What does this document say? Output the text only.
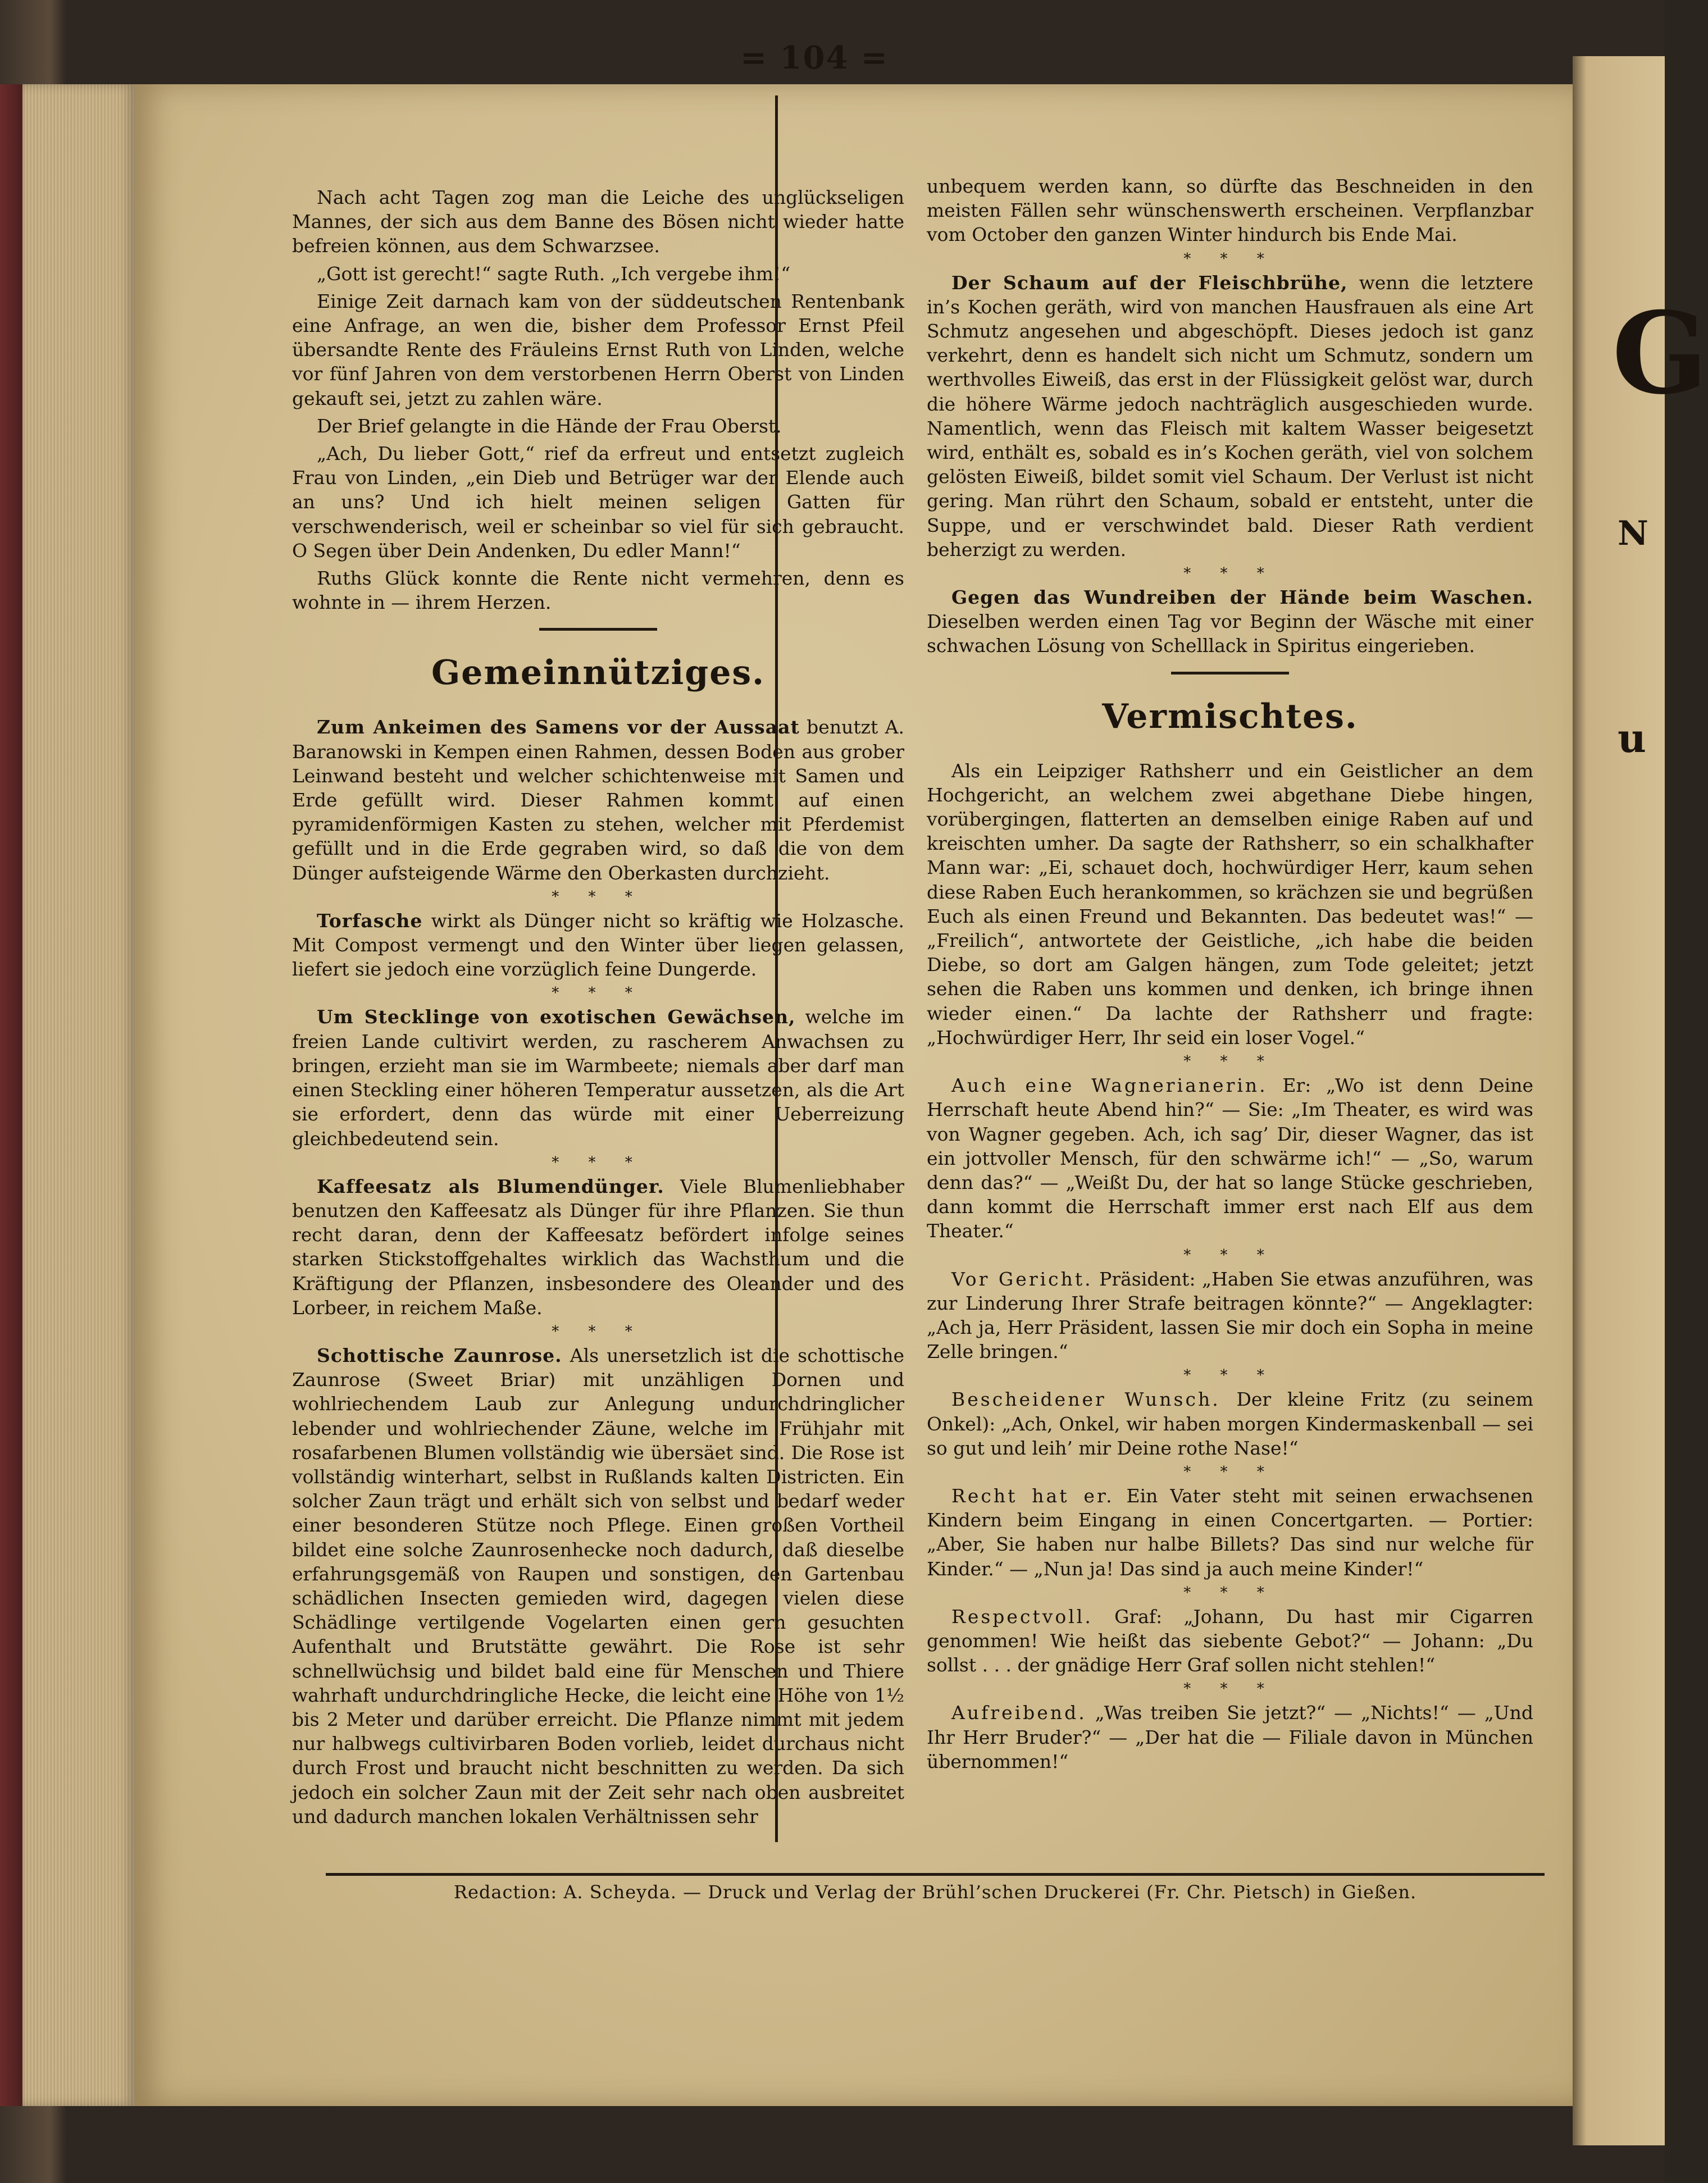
G
N
u
= 104 =

Nach acht Tagen zog man die Leiche des unglückseligen Mannes, der sich aus dem Banne des Bösen nicht wieder hatte befreien können, aus dem Schwarzsee.

„Gott ist gerecht!“ sagte Ruth. „Ich vergebe ihm!“

Einige Zeit darnach kam von der süddeutschen Rentenbank eine Anfrage, an wen die, bisher dem Professor Ernst Pfeil übersandte Rente des Fräuleins Ernst Ruth von Linden, welche vor fünf Jahren von dem verstorbenen Herrn Oberst von Linden gekauft sei, jetzt zu zahlen wäre.

Der Brief gelangte in die Hände der Frau Oberst.

„Ach, Du lieber Gott,“ rief da erfreut und entsetzt zugleich Frau von Linden, „ein Dieb und Betrüger war der Elende auch an uns? Und ich hielt meinen seligen Gatten für verschwenderisch, weil er scheinbar so viel für sich gebraucht. O Segen über Dein Andenken, Du edler Mann!“

Ruths Glück konnte die Rente nicht vermehren, denn es wohnte in — ihrem Herzen.

Gemeinnütziges.

Zum Ankeimen des Samens vor der Aussaat benutzt A. Baranowski in Kempen einen Rahmen, dessen Boden aus grober Leinwand besteht und welcher schichtenweise mit Samen und Erde gefüllt wird. Dieser Rahmen kommt auf einen pyramidenförmigen Kasten zu stehen, welcher mit Pferdemist gefüllt und in die Erde gegraben wird, so daß die von dem Dünger aufsteigende Wärme den Oberkasten durchzieht.

* * *

Torfasche wirkt als Dünger nicht so kräftig wie Holzasche. Mit Compost vermengt und den Winter über liegen gelassen, liefert sie jedoch eine vorzüglich feine Dungerde.

* * *

Um Stecklinge von exotischen Gewächsen, welche im freien Lande cultivirt werden, zu rascherem Anwachsen zu bringen, erzieht man sie im Warmbeete; niemals aber darf man einen Steckling einer höheren Temperatur aussetzen, als die Art sie erfordert, denn das würde mit einer Ueberreizung gleichbedeutend sein.

* * *

Kaffeesatz als Blumendünger. Viele Blumenliebhaber benutzen den Kaffeesatz als Dünger für ihre Pflanzen. Sie thun recht daran, denn der Kaffeesatz befördert infolge seines starken Stickstoffgehaltes wirklich das Wachsthum und die Kräftigung der Pflanzen, insbesondere des Oleander und des Lorbeer, in reichem Maße.

* * *

Schottische Zaunrose. Als unersetzlich ist die schottische Zaunrose (Sweet Briar) mit unzähligen Dornen und wohlriechendem Laub zur Anlegung undurchdringlicher lebender und wohlriechender Zäune, welche im Frühjahr mit rosafarbenen Blumen vollständig wie übersäet sind. Die Rose ist vollständig winterhart, selbst in Rußlands kalten Districten. Ein solcher Zaun trägt und erhält sich von selbst und bedarf weder einer besonderen Stütze noch Pflege. Einen großen Vortheil bildet eine solche Zaunrosenhecke noch dadurch, daß dieselbe erfahrungsgemäß von Raupen und sonstigen, den Gartenbau schädlichen Insecten gemieden wird, dagegen vielen diese Schädlinge vertilgende Vogelarten einen gern gesuchten Aufenthalt und Brutstätte gewährt. Die Rose ist sehr schnellwüchsig und bildet bald eine für Menschen und Thiere wahrhaft undurchdringliche Hecke, die leicht eine Höhe von 1½ bis 2 Meter und darüber erreicht. Die Pflanze nimmt mit jedem nur halbwegs cultivirbaren Boden vorlieb, leidet durchaus nicht durch Frost und braucht nicht beschnitten zu werden. Da sich jedoch ein solcher Zaun mit der Zeit sehr nach oben ausbreitet und dadurch manchen lokalen Verhältnissen sehr

unbequem werden kann, so dürfte das Beschneiden in den meisten Fällen sehr wünschenswerth erscheinen. Verpflanzbar vom October den ganzen Winter hindurch bis Ende Mai.

* * *

Der Schaum auf der Fleischbrühe, wenn die letztere in’s Kochen geräth, wird von manchen Hausfrauen als eine Art Schmutz angesehen und abgeschöpft. Dieses jedoch ist ganz verkehrt, denn es handelt sich nicht um Schmutz, sondern um werthvolles Eiweiß, das erst in der Flüssigkeit gelöst war, durch die höhere Wärme jedoch nachträglich ausgeschieden wurde. Namentlich, wenn das Fleisch mit kaltem Wasser beigesetzt wird, enthält es, sobald es in’s Kochen geräth, viel von solchem gelösten Eiweiß, bildet somit viel Schaum. Der Verlust ist nicht gering. Man rührt den Schaum, sobald er entsteht, unter die Suppe, und er verschwindet bald. Dieser Rath verdient beherzigt zu werden.

* * *

Gegen das Wundreiben der Hände beim Waschen. Dieselben werden einen Tag vor Beginn der Wäsche mit einer schwachen Lösung von Schelllack in Spiritus eingerieben.

Vermischtes.

Als ein Leipziger Rathsherr und ein Geistlicher an dem Hochgericht, an welchem zwei abgethane Diebe hingen, vorübergingen, flatterten an demselben einige Raben auf und kreischten umher. Da sagte der Rathsherr, so ein schalkhafter Mann war: „Ei, schauet doch, hochwürdiger Herr, kaum sehen diese Raben Euch herankommen, so krächzen sie und begrüßen Euch als einen Freund und Bekannten. Das bedeutet was!“ — „Freilich“, antwortete der Geistliche, „ich habe die beiden Diebe, so dort am Galgen hängen, zum Tode geleitet; jetzt sehen die Raben uns kommen und denken, ich bringe ihnen wieder einen.“ Da lachte der Rathsherr und fragte: „Hochwürdiger Herr, Ihr seid ein loser Vogel.“

* * *

Auch eine Wagnerianerin. Er: „Wo ist denn Deine Herrschaft heute Abend hin?“ — Sie: „Im Theater, es wird was von Wagner gegeben. Ach, ich sag’ Dir, dieser Wagner, das ist ein jottvoller Mensch, für den schwärme ich!“ — „So, warum denn das?“ — „Weißt Du, der hat so lange Stücke geschrieben, dann kommt die Herrschaft immer erst nach Elf aus dem Theater.“

* * *

Vor Gericht. Präsident: „Haben Sie etwas anzuführen, was zur Linderung Ihrer Strafe beitragen könnte?“ — Angeklagter: „Ach ja, Herr Präsident, lassen Sie mir doch ein Sopha in meine Zelle bringen.“

* * *

Bescheidener Wunsch. Der kleine Fritz (zu seinem Onkel): „Ach, Onkel, wir haben morgen Kindermaskenball — sei so gut und leih’ mir Deine rothe Nase!“

* * *

Recht hat er. Ein Vater steht mit seinen erwachsenen Kindern beim Eingang in einen Concertgarten. — Portier: „Aber, Sie haben nur halbe Billets? Das sind nur welche für Kinder.“ — „Nun ja! Das sind ja auch meine Kinder!“

* * *

Respectvoll. Graf: „Johann, Du hast mir Cigarren genommen! Wie heißt das siebente Gebot?“ — Johann: „Du sollst . . . der gnädige Herr Graf sollen nicht stehlen!“

* * *

Aufreibend. „Was treiben Sie jetzt?“ — „Nichts!“ — „Und Ihr Herr Bruder?“ — „Der hat die — Filiale davon in München übernommen!“

Redaction: A. Scheyda. — Druck und Verlag der Brühl’schen Druckerei (Fr. Chr. Pietsch) in Gießen.
